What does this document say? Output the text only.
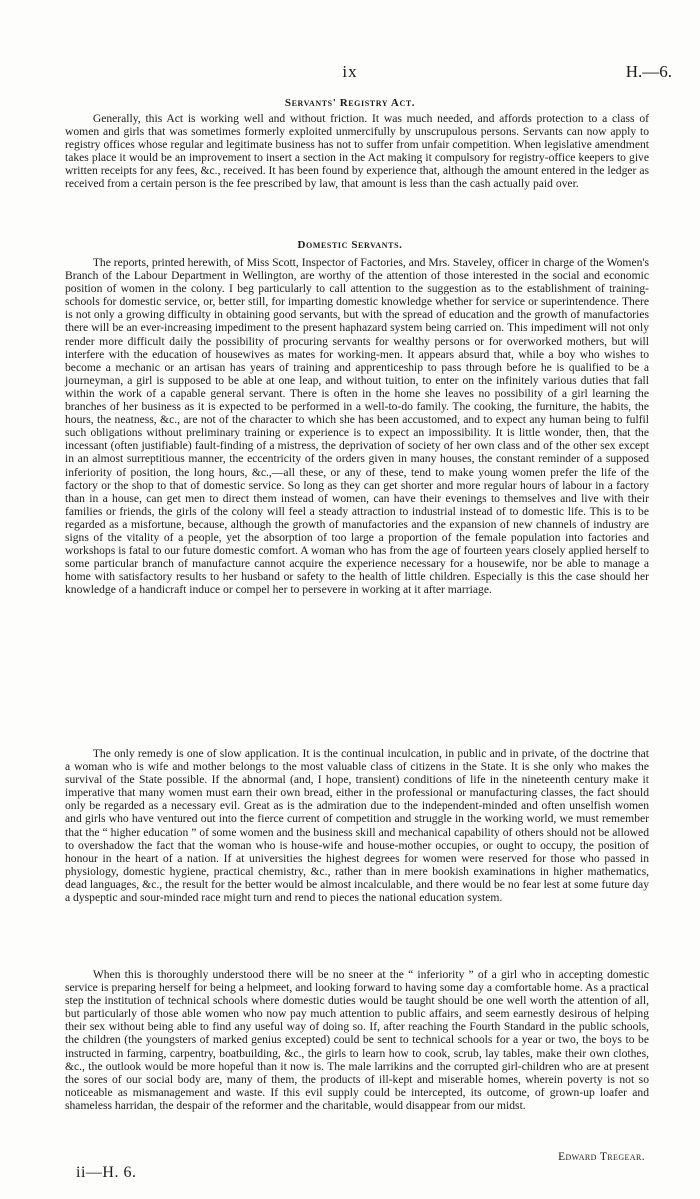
ix	H.—6.
Servants' Registry Act.

Generally, this Act is working well and without friction. It was much needed, and affords protection to a class of women and girls that was sometimes formerly exploited unmercifully by unscrupulous persons. Servants can now apply to registry offices whose regular and legitimate business has not to suffer from unfair competition. When legislative amendment takes place it would be an improvement to insert a section in the Act making it compulsory for registry-office keepers to give written receipts for any fees, &c., received. It has been found by experience that, although the amount entered in the ledger as received from a certain person is the fee prescribed by law, that amount is less than the cash actually paid over.

Domestic Servants.

The reports, printed herewith, of Miss Scott, Inspector of Factories, and Mrs. Staveley, officer in charge of the Women's Branch of the Labour Department in Wellington, are worthy of the attention of those interested in the social and economic position of women in the colony. I beg particularly to call attention to the suggestion as to the establishment of training-schools for domestic service, or, better still, for imparting domestic knowledge whether for service or superintendence. There is not only a growing difficulty in obtaining good servants, but with the spread of education and the growth of manufactories there will be an ever-increasing impediment to the present haphazard system being carried on. This impediment will not only render more difficult daily the possibility of procuring servants for wealthy persons or for overworked mothers, but will interfere with the education of housewives as mates for working-men. It appears absurd that, while a boy who wishes to become a mechanic or an artisan has years of training and apprenticeship to pass through before he is qualified to be a journeyman, a girl is supposed to be able at one leap, and without tuition, to enter on the infinitely various duties that fall within the work of a capable general servant. There is often in the home she leaves no possibility of a girl learning the branches of her business as it is expected to be performed in a well-to-do family. The cooking, the furniture, the habits, the hours, the neatness, &c., are not of the character to which she has been accustomed, and to expect any human being to fulfil such obligations without preliminary training or experience is to expect an impossibility. It is little wonder, then, that the incessant (often justifiable) fault-finding of a mistress, the deprivation of society of her own class and of the other sex except in an almost surreptitious manner, the eccentricity of the orders given in many houses, the constant reminder of a supposed inferiority of position, the long hours, &c.,—all these, or any of these, tend to make young women prefer the life of the factory or the shop to that of domestic service. So long as they can get shorter and more regular hours of labour in a factory than in a house, can get men to direct them instead of women, can have their evenings to themselves and live with their families or friends, the girls of the colony will feel a steady attraction to industrial instead of to domestic life. This is to be regarded as a misfortune, because, although the growth of manufactories and the expansion of new channels of industry are signs of the vitality of a people, yet the absorption of too large a proportion of the female population into factories and workshops is fatal to our future domestic comfort. A woman who has from the age of fourteen years closely applied herself to some particular branch of manufacture cannot acquire the experience necessary for a housewife, nor be able to manage a home with satisfactory results to her husband or safety to the health of little children. Especially is this the case should her knowledge of a handicraft induce or compel her to persevere in working at it after marriage.

The only remedy is one of slow application. It is the continual inculcation, in public and in private, of the doctrine that a woman who is wife and mother belongs to the most valuable class of citizens in the State. It is she only who makes the survival of the State possible. If the abnormal (and, I hope, transient) conditions of life in the nineteenth century make it imperative that many women must earn their own bread, either in the professional or manufacturing classes, the fact should only be regarded as a necessary evil. Great as is the admiration due to the independent-minded and often unselfish women and girls who have ventured out into the fierce current of competition and struggle in the working world, we must remember that the “ higher education ” of some women and the business skill and mechanical capability of others should not be allowed to overshadow the fact that the woman who is house-wife and house-mother occupies, or ought to occupy, the position of honour in the heart of a nation. If at universities the highest degrees for women were reserved for those who passed in physiology, domestic hygiene, practical chemistry, &c., rather than in mere bookish examinations in higher mathematics, dead languages, &c., the result for the better would be almost incalculable, and there would be no fear lest at some future day a dyspeptic and sour-minded race might turn and rend to pieces the national education system.

When this is thoroughly understood there will be no sneer at the “ inferiority ” of a girl who in accepting domestic service is preparing herself for being a helpmeet, and looking forward to having some day a comfortable home. As a practical step the institution of technical schools where domestic duties would be taught should be one well worth the attention of all, but particularly of those able women who now pay much attention to public affairs, and seem earnestly desirous of helping their sex without being able to find any useful way of doing so. If, after reaching the Fourth Standard in the public schools, the children (the youngsters of marked genius excepted) could be sent to technical schools for a year or two, the boys to be instructed in farming, carpentry, boatbuilding, &c., the girls to learn how to cook, scrub, lay tables, make their own clothes, &c., the outlook would be more hopeful than it now is. The male larrikins and the corrupted girl-children who are at present the sores of our social body are, many of them, the products of ill-kept and miserable homes, wherein poverty is not so noticeable as mismanagement and waste. If this evil supply could be intercepted, its outcome, of grown-up loafer and shameless harridan, the despair of the reformer and the charitable, would disappear from our midst.

Edward Tregear.
ii—H. 6.
